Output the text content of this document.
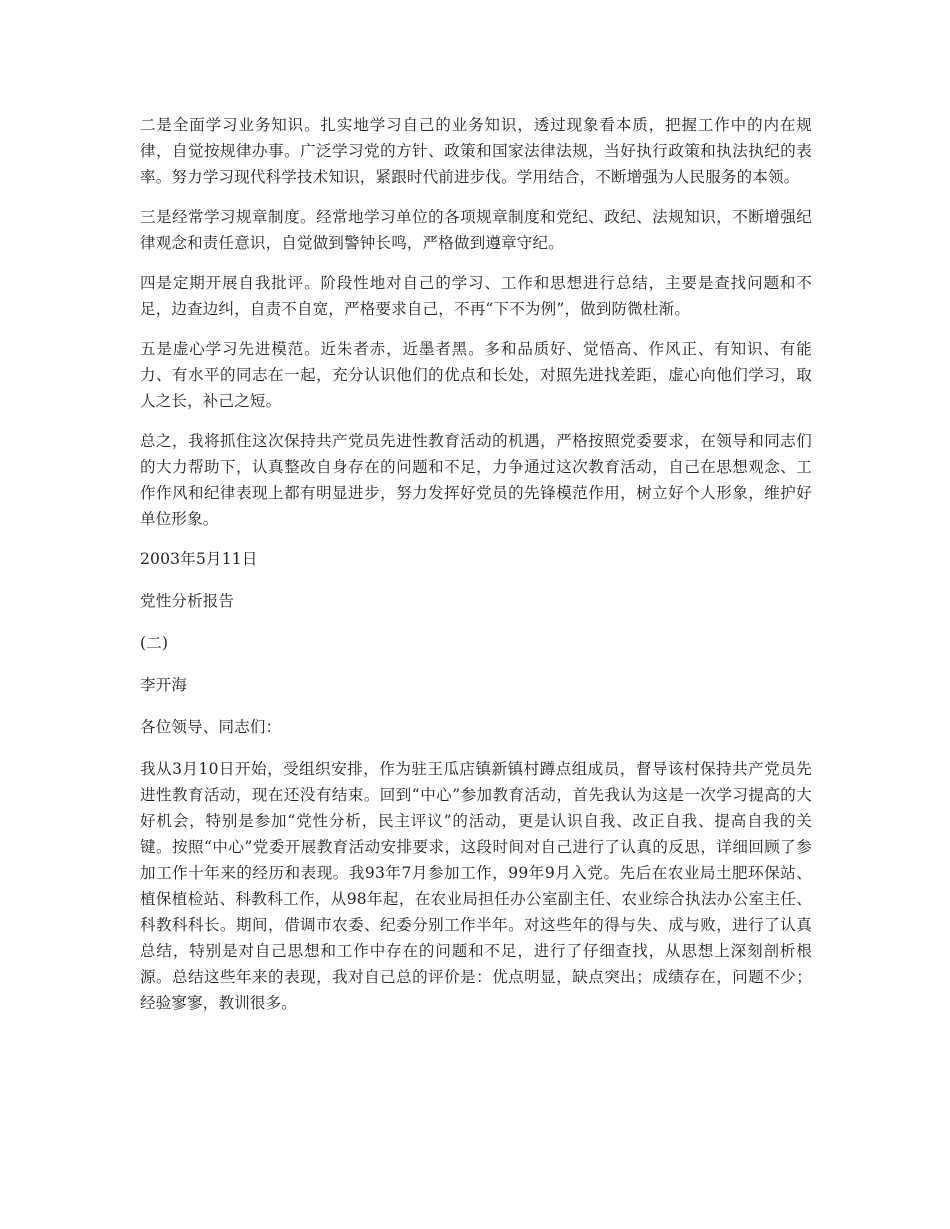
二是全面学习业务知识。扎实地学习自己的业务知识，透过现象看本质，把握工作中的内在规律，自觉按规律办事。广泛学习党的方针、政策和国家法律法规，当好执行政策和执法执纪的表率。努力学习现代科学技术知识，紧跟时代前进步伐。学用结合，不断增强为人民服务的本领。

三是经常学习规章制度。经常地学习单位的各项规章制度和党纪、政纪、法规知识，不断增强纪律观念和责任意识，自觉做到警钟长鸣，严格做到遵章守纪。

四是定期开展自我批评。阶段性地对自己的学习、工作和思想进行总结，主要是查找问题和不足，边查边纠，自责不自宽，严格要求自己，不再“下不为例”，做到防微杜渐。

五是虚心学习先进模范。近朱者赤，近墨者黑。多和品质好、觉悟高、作风正、有知识、有能力、有水平的同志在一起，充分认识他们的优点和长处，对照先进找差距，虚心向他们学习，取人之长，补己之短。

总之，我将抓住这次保持共产党员先进性教育活动的机遇，严格按照党委要求，在领导和同志们的大力帮助下，认真整改自身存在的问题和不足，力争通过这次教育活动，自己在思想观念、工作作风和纪律表现上都有明显进步，努力发挥好党员的先锋模范作用，树立好个人形象，维护好单位形象。

2003年5月11日

党性分析报告

(二)

李开海

各位领导、同志们：

我从3月10日开始，受组织安排，作为驻王瓜店镇新镇村蹲点组成员，督导该村保持共产党员先进性教育活动，现在还没有结束。回到“中心”参加教育活动，首先我认为这是一次学习提高的大好机会，特别是参加“党性分析，民主评议”的活动，更是认识自我、改正自我、提高自我的关键。按照“中心”党委开展教育活动安排要求，这段时间对自己进行了认真的反思，详细回顾了参加工作十年来的经历和表现。我93年7月参加工作，99年9月入党。先后在农业局土肥环保站、植保植检站、科教科工作，从98年起，在农业局担任办公室副主任、农业综合执法办公室主任、科教科科长。期间，借调市农委、纪委分别工作半年。对这些年的得与失、成与败，进行了认真总结，特别是对自己思想和工作中存在的问题和不足，进行了仔细查找，从思想上深刻剖析根源。总结这些年来的表现，我对自己总的评价是：优点明显，缺点突出；成绩存在，问题不少；经验寥寥，教训很多。
